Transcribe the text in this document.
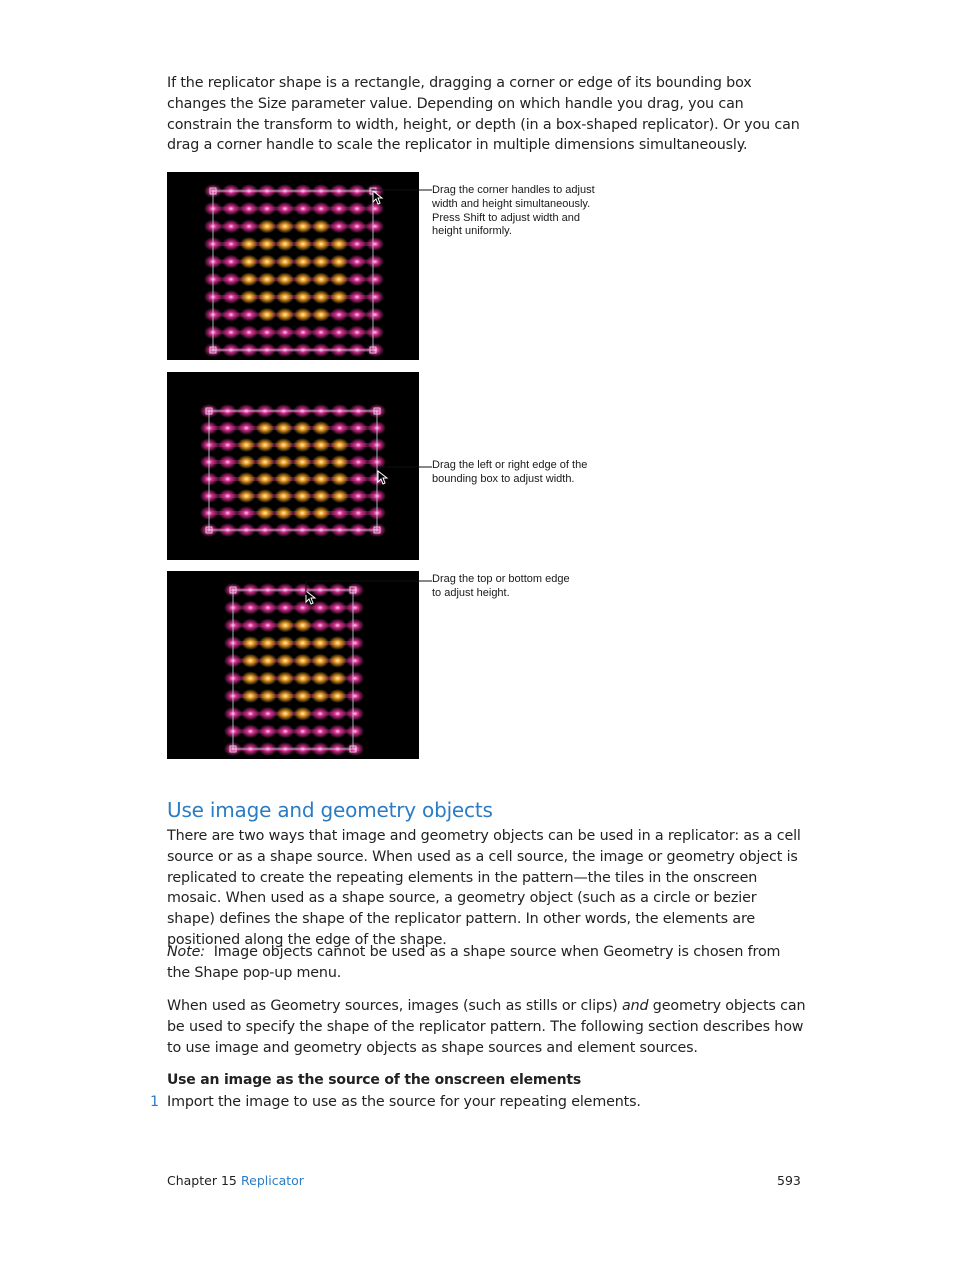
If the replicator shape is a rectangle, dragging a corner or edge of its bounding box changes the Size parameter value. Depending on which handle you drag, you can constrain the transform to width, height, or depth (in a box-shaped replicator). Or you can drag a corner handle to scale the replicator in multiple dimensions simultaneously.

Drag the corner handles to adjust
width and height simultaneously.
Press Shift to adjust width and
height uniformly.

Drag the left or right edge of the
bounding box to adjust width.

Drag the top or bottom edge
to adjust height.

Use image and geometry objects

There are two ways that image and geometry objects can be used in a replicator: as a cell source or as a shape source. When used as a cell source, the image or geometry object is replicated to create the repeating elements in the pattern—the tiles in the onscreen mosaic. When used as a shape source, a geometry object (such as a circle or bezier shape) defines the shape of the replicator pattern. In other words, the elements are positioned along the edge of the shape.

Note: Image objects cannot be used as a shape source when Geometry is chosen from the Shape pop-up menu.

When used as Geometry sources, images (such as stills or clips) and geometry objects can be used to specify the shape of the replicator pattern. The following section describes how to use image and geometry objects as shape sources and element sources.

Use an image as the source of the onscreen elements

1 Import the image to use as the source for your repeating elements.
Chapter 15 Replicator	593
